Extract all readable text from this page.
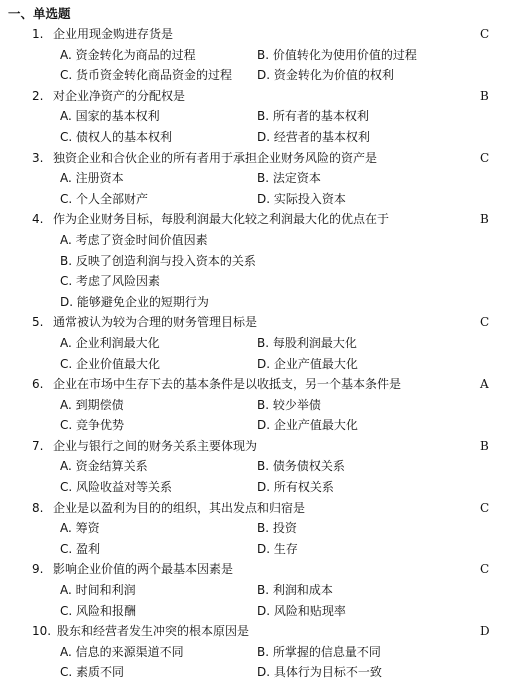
一、单选题
1. 企业用现金购进存货是	C
A. 资金转化为商品的过程	B. 价值转化为使用价值的过程
C. 货币资金转化商品资金的过程 D. 资金转化为价值的权利
2. 对企业净资产的分配权是	B
A. 国家的基本权利	B. 所有者的基本权利
C. 债权人的基本权利	D. 经营者的基本权利
3. 独资企业和合伙企业的所有者用于承担企业财务风险的资产是	C
A. 注册资本	B. 法定资本
C. 个人全部财产	D. 实际投入资本
4. 作为企业财务目标，每股利润最大化较之利润最大化的优点在于	B
A. 考虑了资金时间价值因素
B. 反映了创造利润与投入资本的关系
C. 考虑了风险因素
D. 能够避免企业的短期行为
5. 通常被认为较为合理的财务管理目标是	C
A. 企业利润最大化	B. 每股利润最大化
C. 企业价值最大化	D. 企业产值最大化
6. 企业在市场中生存下去的基本条件是以收抵支，另一个基本条件是	A
A. 到期偿债	B. 较少举债
C. 竞争优势	D. 企业产值最大化
7. 企业与银行之间的财务关系主要体现为	B
A. 资金结算关系	B. 债务债权关系
C. 风险收益对等关系	D. 所有权关系
8. 企业是以盈利为目的的组织，其出发点和归宿是	C
A. 筹资	B. 投资
C. 盈利	D. 生存
9. 影响企业价值的两个最基本因素是	C
A. 时间和利润	B. 利润和成本
C. 风险和报酬	D. 风险和贴现率
10. 股东和经营者发生冲突的根本原因是	D
A. 信息的来源渠道不同	B. 所掌握的信息量不同
C. 素质不同	D. 具体行为目标不一致
